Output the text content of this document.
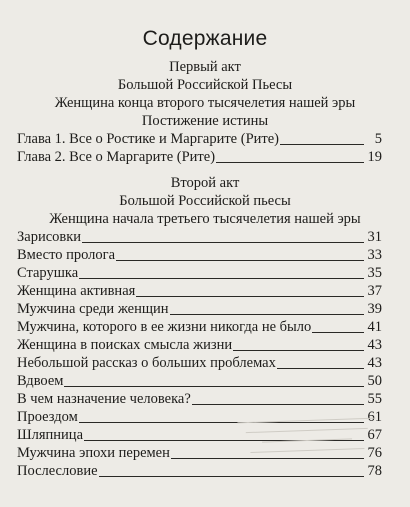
Содержание
Первый акт
Большой Российской Пьесы
Женщина конца второго тысячелетия нашей эры
Постижение истины
Глава 1. Все о Ростике и Маргарите (Рите)	5
Глава 2. Все о Маргарите (Рите)	19
Второй акт
Большой Российской пьесы
Женщина начала третьего тысячелетия нашей эры
Зарисовки	31
Вместо пролога	33
Старушка	35
Женщина активная	37
Мужчина среди женщин	39
Мужчина, которого в ее жизни никогда не было	41
Женщина в поисках смысла жизни	43
Небольшой рассказ о больших проблемах	43
Вдвоем	50
В чем назначение человека?	55
Проездом	61
Шляпница	67
Мужчина эпохи перемен	76
Послесловие	78
